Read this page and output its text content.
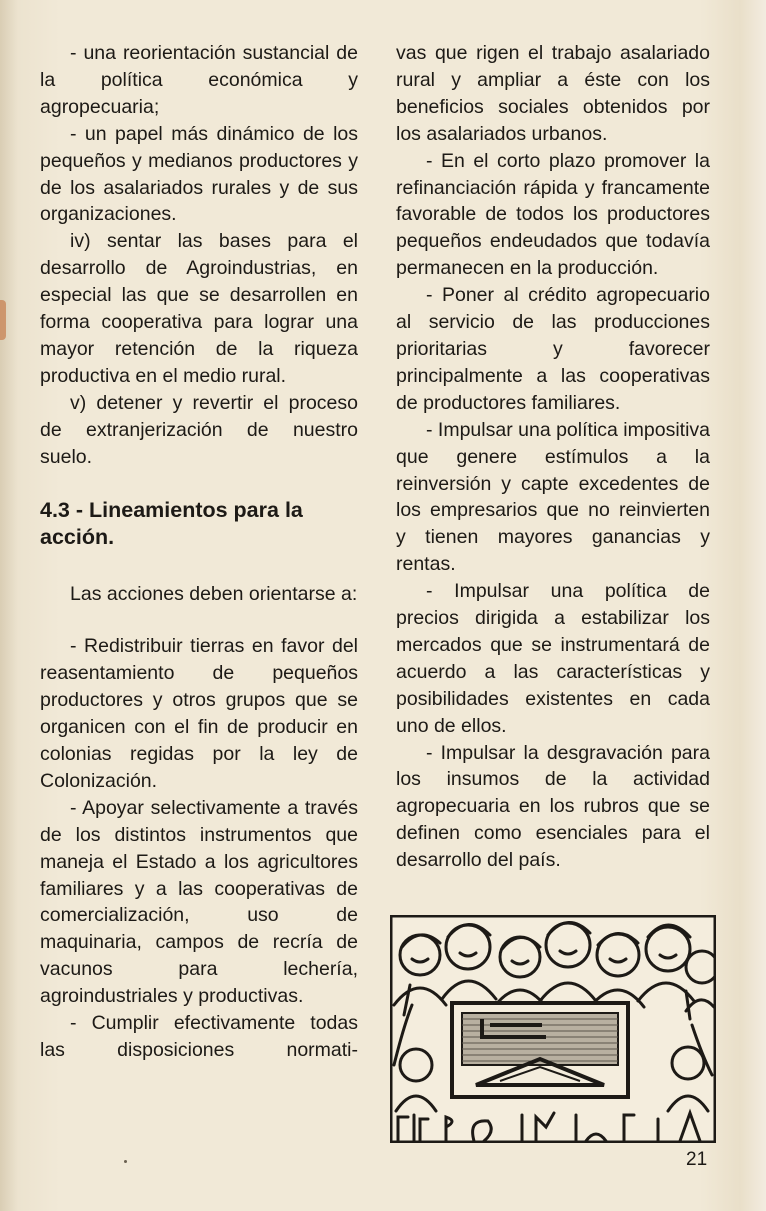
- una reorientación sustancial de la política económica y agropecuaria;

- un papel más dinámico de los pequeños y medianos productores y de los asalariados rurales y de sus organizaciones.

iv) sentar las bases para el desarrollo de Agroindustrias, en especial las que se desarrollen en forma cooperativa para lograr una mayor retención de la riqueza productiva en el medio rural.

v) detener y revertir el proceso de extranjerización de nuestro suelo.

4.3 - Lineamientos para la acción.

Las acciones deben orientarse a:

- Redistribuir tierras en favor del reasentamiento de pequeños productores y otros grupos que se organicen con el fin de producir en colonias regidas por la ley de Colonización.

- Apoyar selectivamente a través de los distintos instrumentos que maneja el Estado a los agricultores familiares y a las cooperativas de comercialización, uso de maquinaria, campos de recría de vacunos para lechería, agroindustriales y productivas.

- Cumplir efectivamente todas las disposiciones normati-

vas que rigen el trabajo asalariado rural y ampliar a éste con los beneficios sociales obtenidos por los asalariados urbanos.

- En el corto plazo promover la refinanciación rápida y francamente favorable de todos los productores pequeños endeudados que todavía permanecen en la producción.

- Poner al crédito agropecuario al servicio de las producciones prioritarias y favorecer principalmente a las cooperativas de productores familiares.

- Impulsar una política impositiva que genere estímulos a la reinversión y capte excedentes de los empresarios que no reinvierten y tienen mayores ganancias y rentas.

- Impulsar una política de precios dirigida a estabilizar los mercados que se instrumentará de acuerdo a las características y posibilidades existentes en cada uno de ellos.

- Impulsar la desgravación para los insumos de la actividad agropecuaria en los rubros que se definen como esenciales para el desarrollo del país.

21
